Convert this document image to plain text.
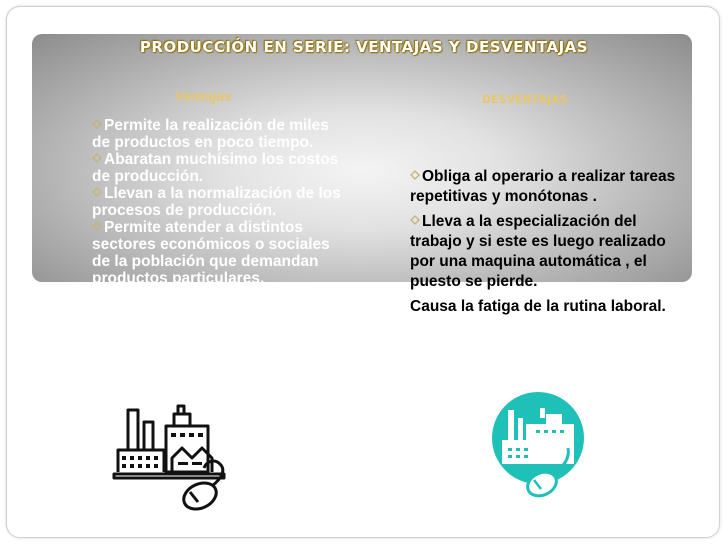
PRODUCCIÓN EN SERIE: VENTAJAS Y DESVENTAJAS
Ventajas	DESVENTAJAS
Permite la realización de miles de productos en poco tiempo.
Abaratan muchísimo los costos de producción.
Llevan a la normalización de los procesos de producción.
Permite atender a distintos sectores económicos o sociales de la población que demandan productos particulares.

Obliga al operario a realizar tareas repetitivas y monótonas .

Lleva a la especialización del trabajo y si este es luego realizado por una maquina automática , el puesto se pierde.

Causa la fatiga de la rutina laboral.
